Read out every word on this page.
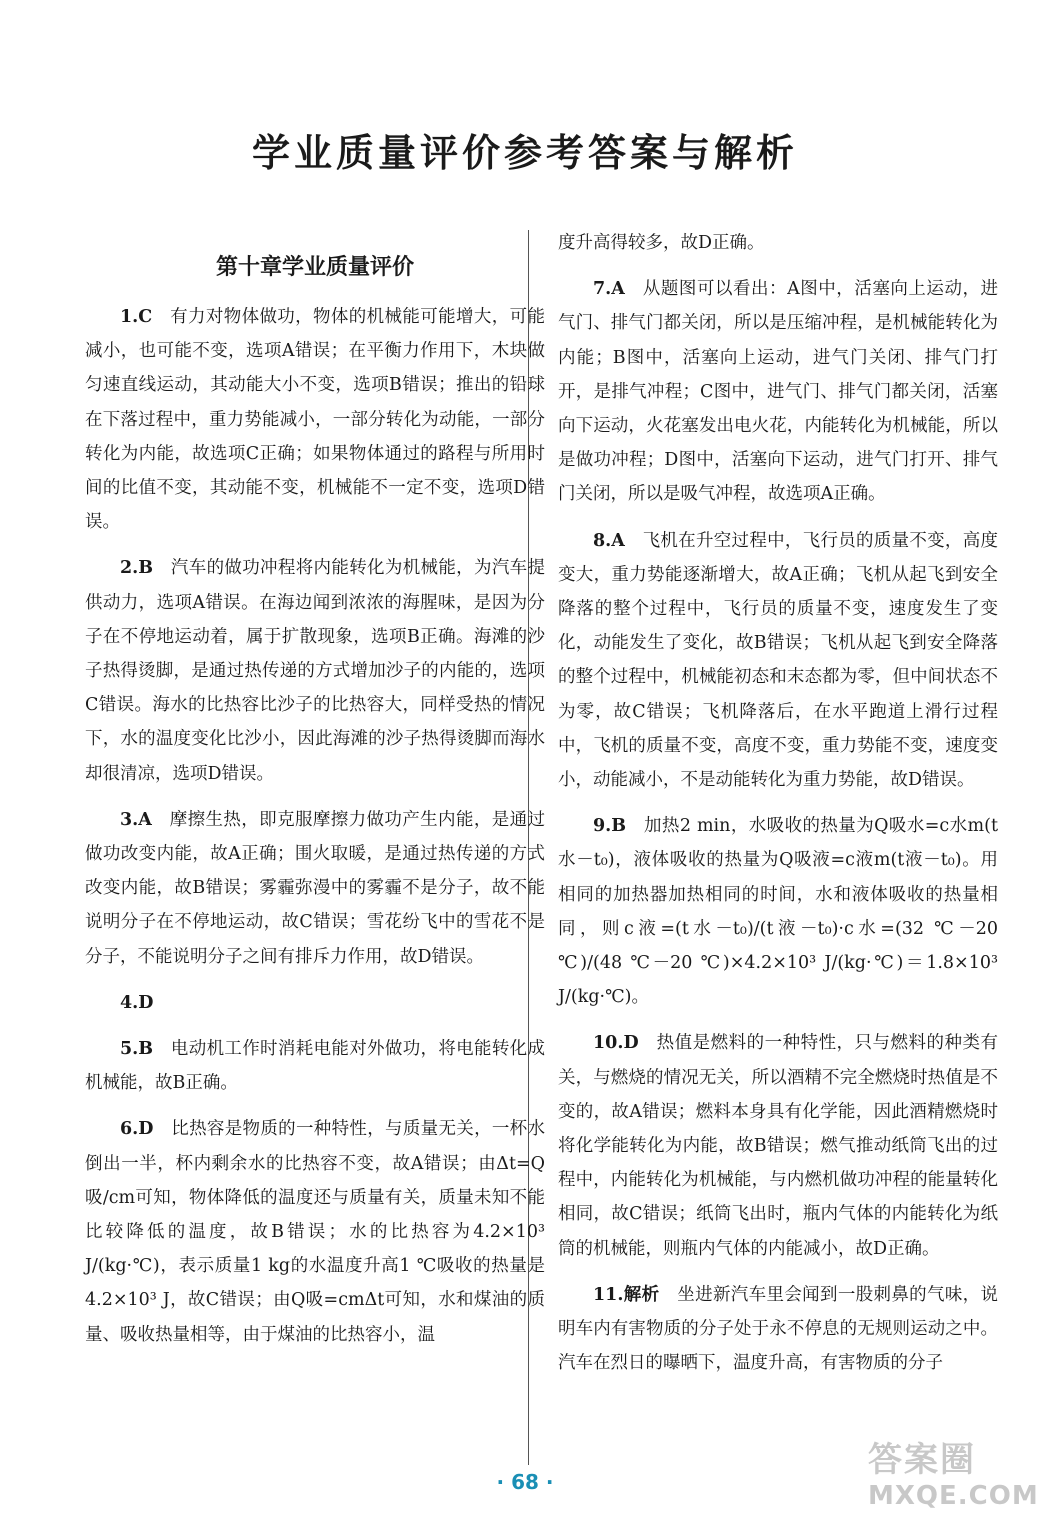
学业质量评价参考答案与解析
第十章学业质量评价

1.C  有力对物体做功，物体的机械能可能增大，可能减小，也可能不变，选项A错误；在平衡力作用下，木块做匀速直线运动，其动能大小不变，选项B错误；推出的铅球在下落过程中，重力势能减小，一部分转化为动能，一部分转化为内能，故选项C正确；如果物体通过的路程与所用时间的比值不变，其动能不变，机械能不一定不变，选项D错误。

2.B  汽车的做功冲程将内能转化为机械能，为汽车提供动力，选项A错误。在海边闻到浓浓的海腥味，是因为分子在不停地运动着，属于扩散现象，选项B正确。海滩的沙子热得烫脚，是通过热传递的方式增加沙子的内能的，选项C错误。海水的比热容比沙子的比热容大，同样受热的情况下，水的温度变化比沙小，因此海滩的沙子热得烫脚而海水却很清凉，选项D错误。

3.A  摩擦生热，即克服摩擦力做功产生内能，是通过做功改变内能，故A正确；围火取暖，是通过热传递的方式改变内能，故B错误；雾霾弥漫中的雾霾不是分子，故不能说明分子在不停地运动，故C错误；雪花纷飞中的雪花不是分子，不能说明分子之间有排斥力作用，故D错误。

4.D 

5.B  电动机工作时消耗电能对外做功，将电能转化成机械能，故B正确。

6.D  比热容是物质的一种特性，与质量无关，一杯水倒出一半，杯内剩余水的比热容不变，故A错误；由Δt=Q吸/cm可知，物体降低的温度还与质量有关，质量未知不能比较降低的温度，故B错误；水的比热容为4.2×10³ J/(kg·℃)，表示质量1 kg的水温度升高1 ℃吸收的热量是4.2×10³ J，故C错误；由Q吸=cmΔt可知，水和煤油的质量、吸收热量相等，由于煤油的比热容小，温

度升高得较多，故D正确。

7.A  从题图可以看出：A图中，活塞向上运动，进气门、排气门都关闭，所以是压缩冲程，是机械能转化为内能；B图中，活塞向上运动，进气门关闭、排气门打开，是排气冲程；C图中，进气门、排气门都关闭，活塞向下运动，火花塞发出电火花，内能转化为机械能，所以是做功冲程；D图中，活塞向下运动，进气门打开、排气门关闭，所以是吸气冲程，故选项A正确。

8.A  飞机在升空过程中，飞行员的质量不变，高度变大，重力势能逐渐增大，故A正确；飞机从起飞到安全降落的整个过程中，飞行员的质量不变，速度发生了变化，动能发生了变化，故B错误；飞机从起飞到安全降落的整个过程中，机械能初态和末态都为零，但中间状态不为零，故C错误；飞机降落后，在水平跑道上滑行过程中，飞机的质量不变，高度不变，重力势能不变，速度变小，动能减小，不是动能转化为重力势能，故D错误。

9.B  加热2 min，水吸收的热量为Q吸水=c水m(t水－t₀)，液体吸收的热量为Q吸液=c液m(t液－t₀)。用相同的加热器加热相同的时间，水和液体吸收的热量相同，则c液=(t水－t₀)/(t液－t₀)·c水=(32 ℃－20 ℃)/(48 ℃－20 ℃)×4.2×10³ J/(kg·℃)＝1.8×10³ J/(kg·℃)。

10.D  热值是燃料的一种特性，只与燃料的种类有关，与燃烧的情况无关，所以酒精不完全燃烧时热值是不变的，故A错误；燃料本身具有化学能，因此酒精燃烧时将化学能转化为内能，故B错误；燃气推动纸筒飞出的过程中，内能转化为机械能，与内燃机做功冲程的能量转化相同，故C错误；纸筒飞出时，瓶内气体的内能转化为纸筒的机械能，则瓶内气体的内能减小，故D正确。

11.解析  坐进新汽车里会闻到一股刺鼻的气味，说明车内有害物质的分子处于永不停息的无规则运动之中。汽车在烈日的曝晒下，温度升高，有害物质的分子

· 68 ·
答案圈
MXQE.COM
